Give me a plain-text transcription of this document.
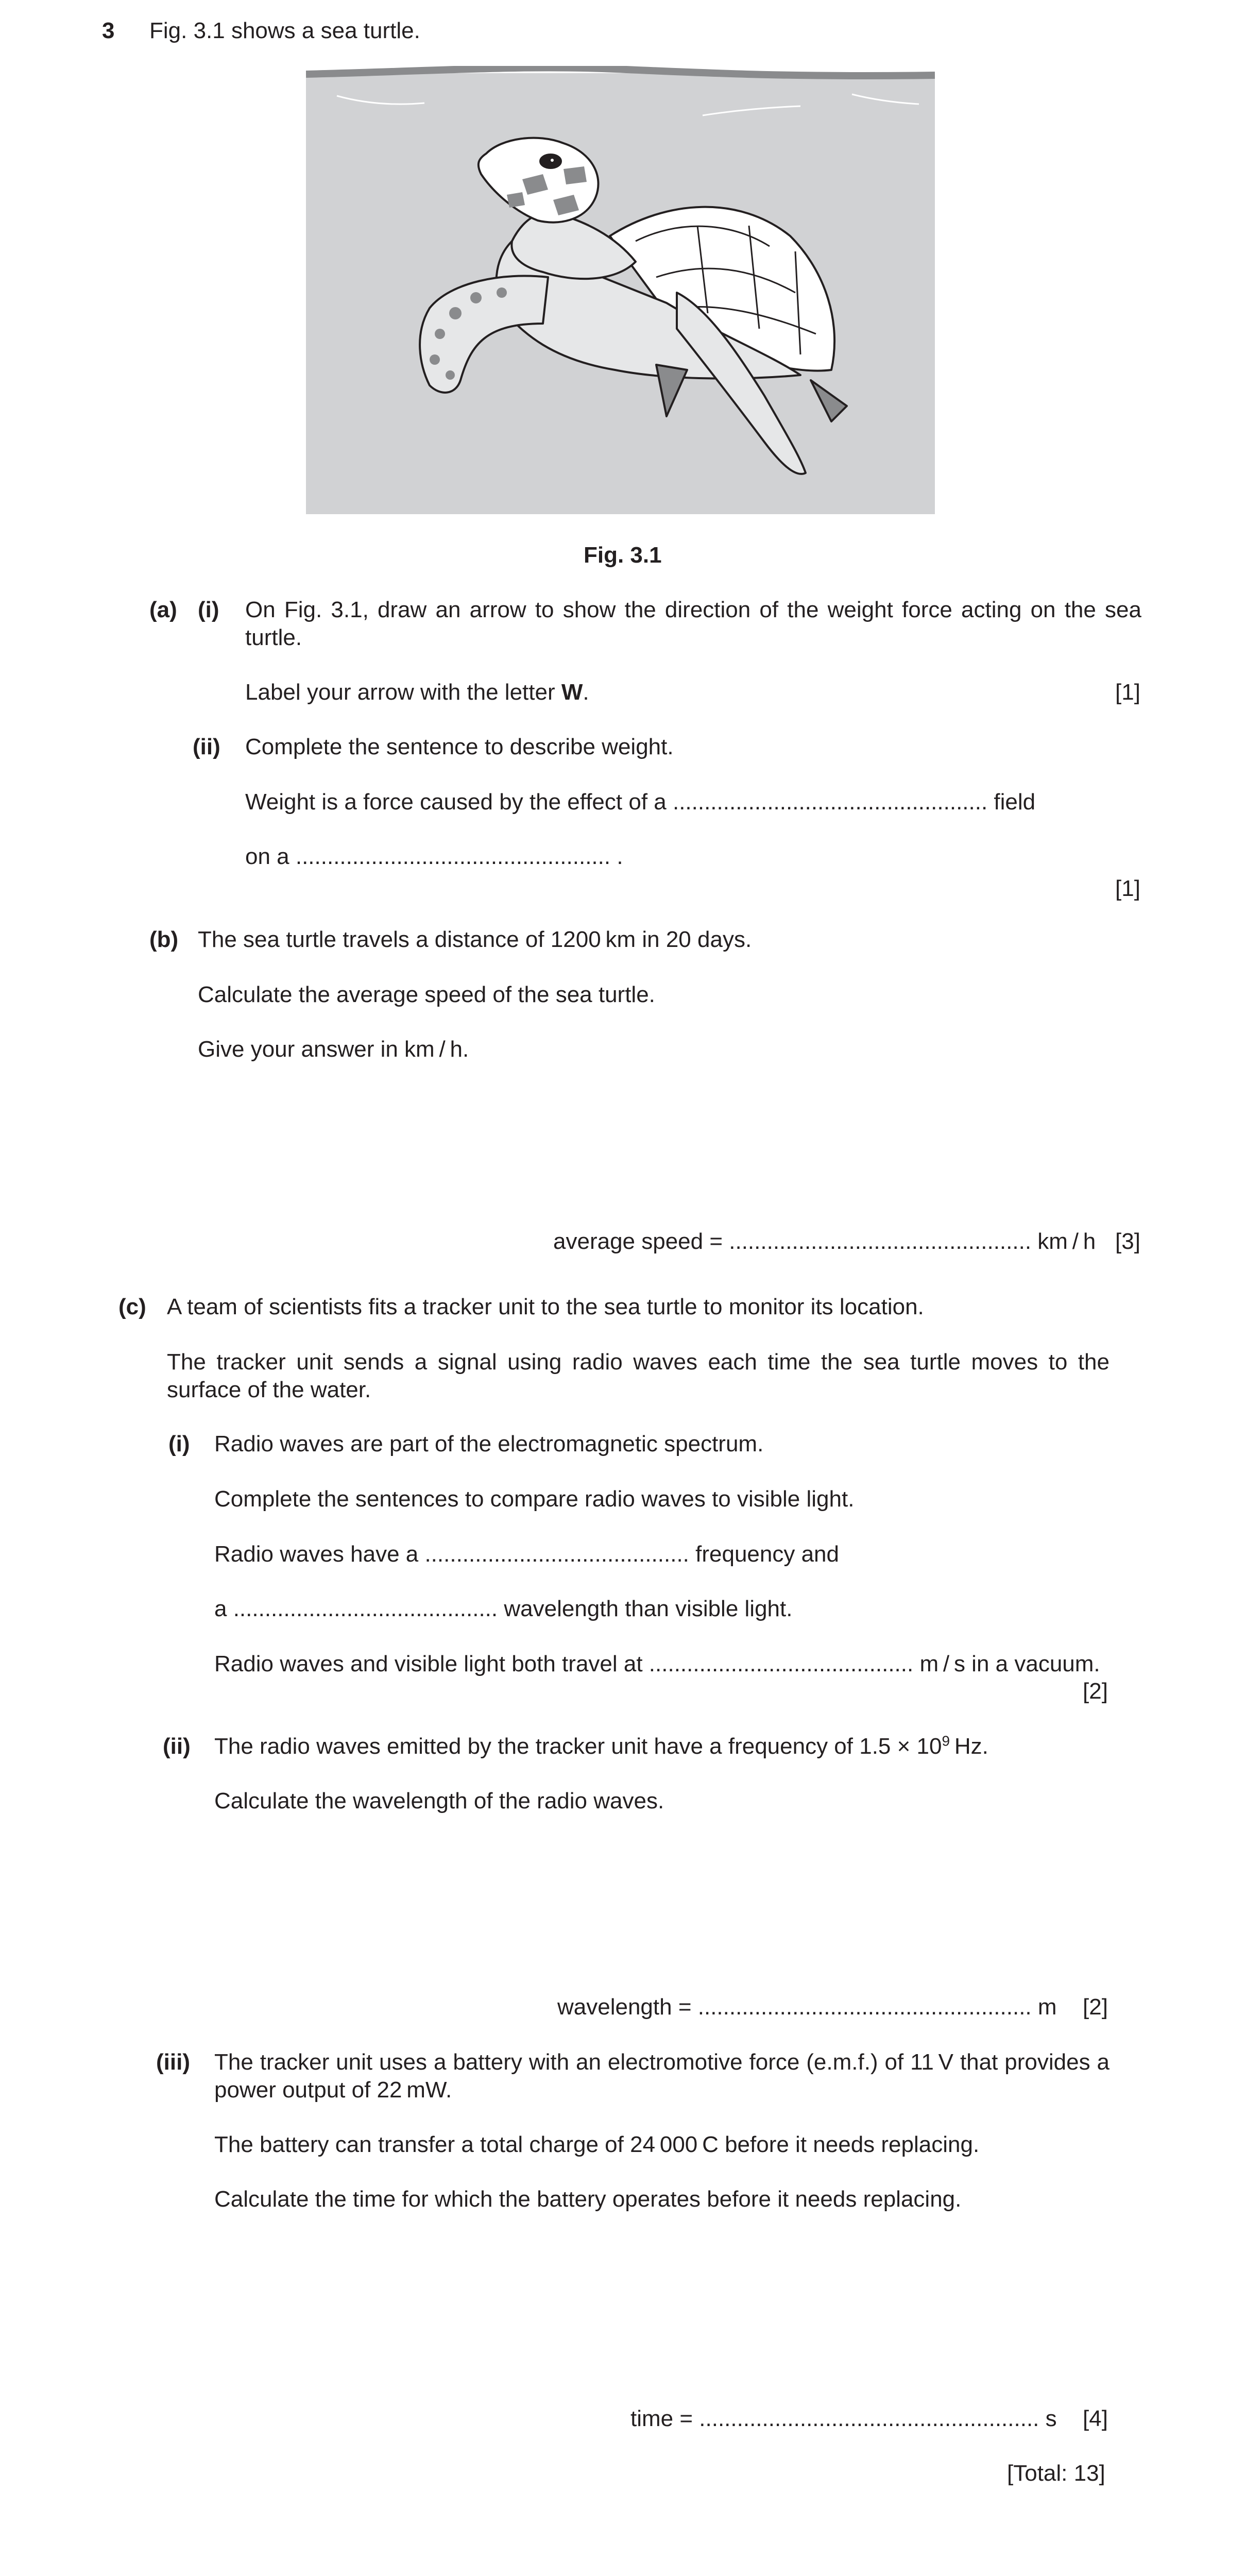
3 Fig. 3.1 shows a sea turtle.
Fig. 3.1
(a) (i) On Fig. 3.1, draw an arrow to show the direction of the weight force acting on the sea turtle.
Label your arrow with the letter W.	[1]
(ii) Complete the sentence to describe weight.
Weight is a force caused by the effect of a .................................................. field
on a .................................................. .
[1]
(b) The sea turtle travels a distance of 1200 km in 20 days.
Calculate the average speed of the sea turtle.
Give your answer in km / h.
average speed = ................................................ km / h [3]
(c) A team of scientists fits a tracker unit to the sea turtle to monitor its location.
The tracker unit sends a signal using radio waves each time the sea turtle moves to the surface of the water.
(i) Radio waves are part of the electromagnetic spectrum.
Complete the sentences to compare radio waves to visible light.
Radio waves have a .......................................... frequency and
a .......................................... wavelength than visible light.
Radio waves and visible light both travel at .......................................... m / s in a vacuum.
[2]
(ii) The radio waves emitted by the tracker unit have a frequency of $1.5 \times 10^9$ Hz.
Calculate the wavelength of the radio waves.
wavelength = ..................................................... m [2]
(iii) The tracker unit uses a battery with an electromotive force (e.m.f.) of 11 V that provides a power output of 22 mW.
The battery can transfer a total charge of 24 000 C before it needs replacing.
Calculate the time for which the battery operates before it needs replacing.
time = ...................................................... s [4]
[Total: 13]
